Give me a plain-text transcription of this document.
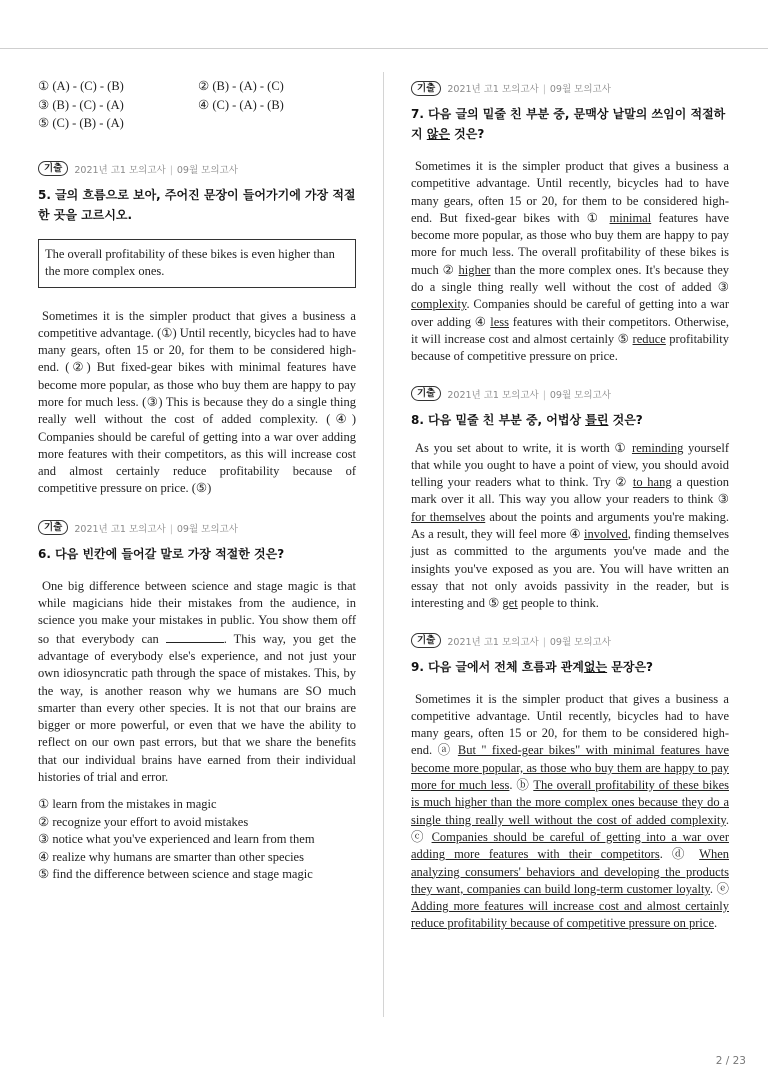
① (A) - (C) - (B)	② (B) - (A) - (C)
③ (B) - (C) - (A)	④ (C) - (A) - (B)
⑤ (C) - (B) - (A)
기출	2021년 고1 모의고사 | 09월 모의고사

5. 글의 흐름으로 보아, 주어진 문장이 들어가기에 가장 적절한 곳을 고르시오.

The overall profitability of these bikes is even higher than the more complex ones.

Sometimes it is the simpler product that gives a business a competitive advantage. (①) Until recently, bicycles had to have many gears, often 15 or 20, for them to be considered high-end. (②) But fixed-gear bikes with minimal features have become more popular, as those who buy them are happy to pay more for much less. (③) This is because they do a single thing really well without the cost of added complexity. (④) Companies should be careful of getting into a war over adding more features with their competitors, as this will increase cost and almost certainly reduce profitability because of competitive pressure on price. (⑤)

기출	2021년 고1 모의고사 | 09월 모의고사

6. 다음 빈칸에 들어갈 말로 가장 적절한 것은?

One big difference between science and stage magic is that while magicians hide their mistakes from the audience, in science you make your mistakes in public. You show them off so that everybody can	. This way, you get the advantage of everybody else's experience, and not just your own idiosyncratic path through the space of mistakes. This, by the way, is another reason why we humans are SO much smarter than every other species. It is not that our brains are bigger or more powerful, or even that we have the ability to reflect on our own past errors, but that we share the benefits that our individual brains have earned from their individual histories of trial and error.

① learn from the mistakes in magic
② recognize your effort to avoid mistakes
③ notice what you've experienced and learn from them
④ realize why humans are smarter than other species
⑤ find the difference between science and stage magic
기출	2021년 고1 모의고사 | 09월 모의고사

7. 다음 글의 밑줄 친 부분 중, 문맥상 낱말의 쓰임이 적절하지 않은 것은?

Sometimes it is the simpler product that gives a business a competitive advantage. Until recently, bicycles had to have many gears, often 15 or 20, for them to be considered high-end. But fixed-gear bikes with ① minimal features have become more popular, as those who buy them are happy to pay more for much less. The overall profitability of these bikes is much ② higher than the more complex ones. It's because they do a single thing really well without the cost of added ③ complexity. Companies should be careful of getting into a war over adding ④ less features with their competitors. Otherwise, it will increase cost and almost certainly ⑤ reduce profitability because of competitive pressure on price.

기출	2021년 고1 모의고사 | 09월 모의고사

8. 다음 밑줄 친 부분 중, 어법상 틀린 것은?

As you set about to write, it is worth ① reminding yourself that while you ought to have a point of view, you should avoid telling your readers what to think. Try ② to hang a question mark over it all. This way you allow your readers to think ③ for themselves about the points and arguments you're making. As a result, they will feel more ④ involved, finding themselves just as committed to the arguments you've made and the insights you've exposed as you are. You will have written an essay that not only avoids passivity in the reader, but is interesting and ⑤ get people to think.

기출	2021년 고1 모의고사 | 09월 모의고사

9. 다음 글에서 전체 흐름과 관계없는 문장은?

Sometimes it is the simpler product that gives a business a competitive advantage. Until recently, bicycles had to have many gears, often 15 or 20, for them to be considered high-end. ⓐ But " fixed-gear bikes" with minimal features have become more popular, as those who buy them are happy to pay more for much less. ⓑ The overall profitability of these bikes is much higher than the more complex ones because they do a single thing really well without the cost of added complexity. ⓒ Companies should be careful of getting into a war over adding more features with their competitors. ⓓ When analyzing consumers' behaviors and developing the products they want, companies can build long-term customer loyalty. ⓔ Adding more features will increase cost and almost certainly reduce profitability because of competitive pressure on price.

2 / 23
